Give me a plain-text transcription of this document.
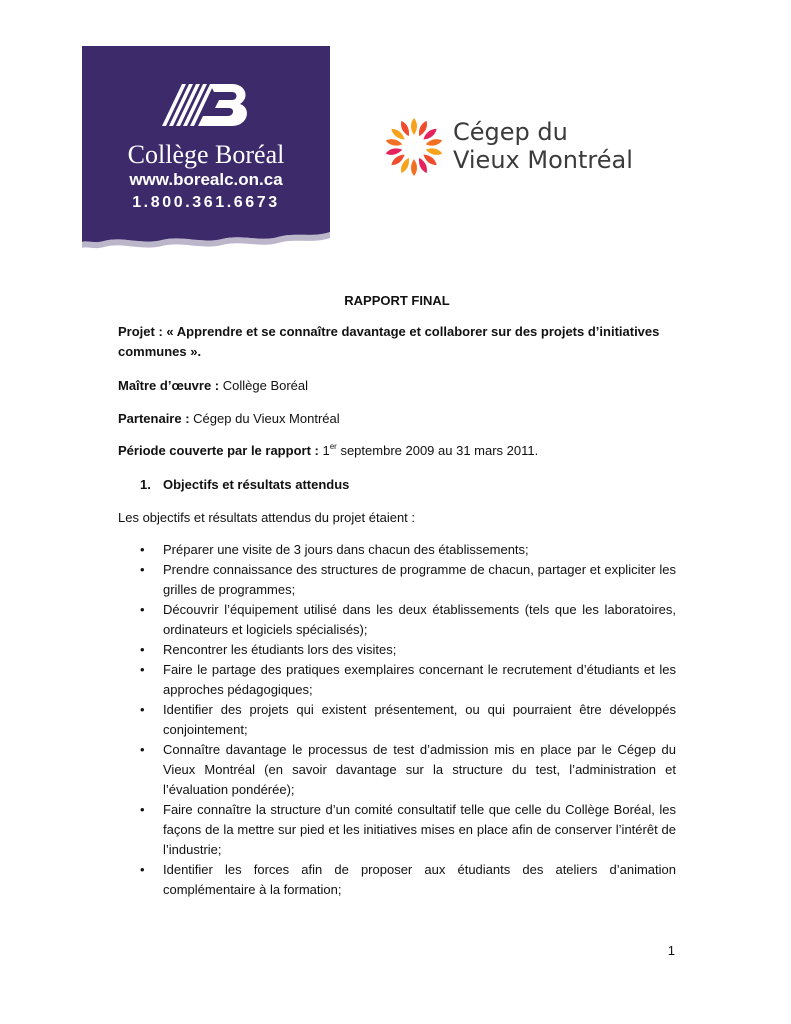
Collège Boréal
www.borealc.on.ca
1.800.361.6673
Cégep du
Vieux Montréal
RAPPORT FINAL
Projet : « Apprendre et se connaître davantage et collaborer sur des projets d’initiatives communes ».
Maître d’œuvre : Collège Boréal
Partenaire : Cégep du Vieux Montréal
Période couverte par le rapport : 1er septembre 2009 au 31 mars 2011.
1. Objectifs et résultats attendus
Les objectifs et résultats attendus du projet étaient :
• Préparer une visite de 3 jours dans chacun des établissements;
• Prendre connaissance des structures de programme de chacun, partager et expliciter les grilles de programmes;
• Découvrir l’équipement utilisé dans les deux établissements (tels que les laboratoires, ordinateurs et logiciels spécialisés);
• Rencontrer les étudiants lors des visites;
• Faire le partage des pratiques exemplaires concernant le recrutement d’étudiants et les approches pédagogiques;
• Identifier des projets qui existent présentement, ou qui pourraient être développés conjointement;
• Connaître davantage le processus de test d’admission mis en place par le Cégep du Vieux Montréal (en savoir davantage sur la structure du test, l’administration et l’évaluation pondérée);
• Faire connaître la structure d’un comité consultatif telle que celle du Collège Boréal, les façons de la mettre sur pied et les initiatives mises en place afin de conserver l’intérêt de l’industrie;
• Identifier les forces afin de proposer aux étudiants des ateliers d’animation complémentaire à la formation;
1
